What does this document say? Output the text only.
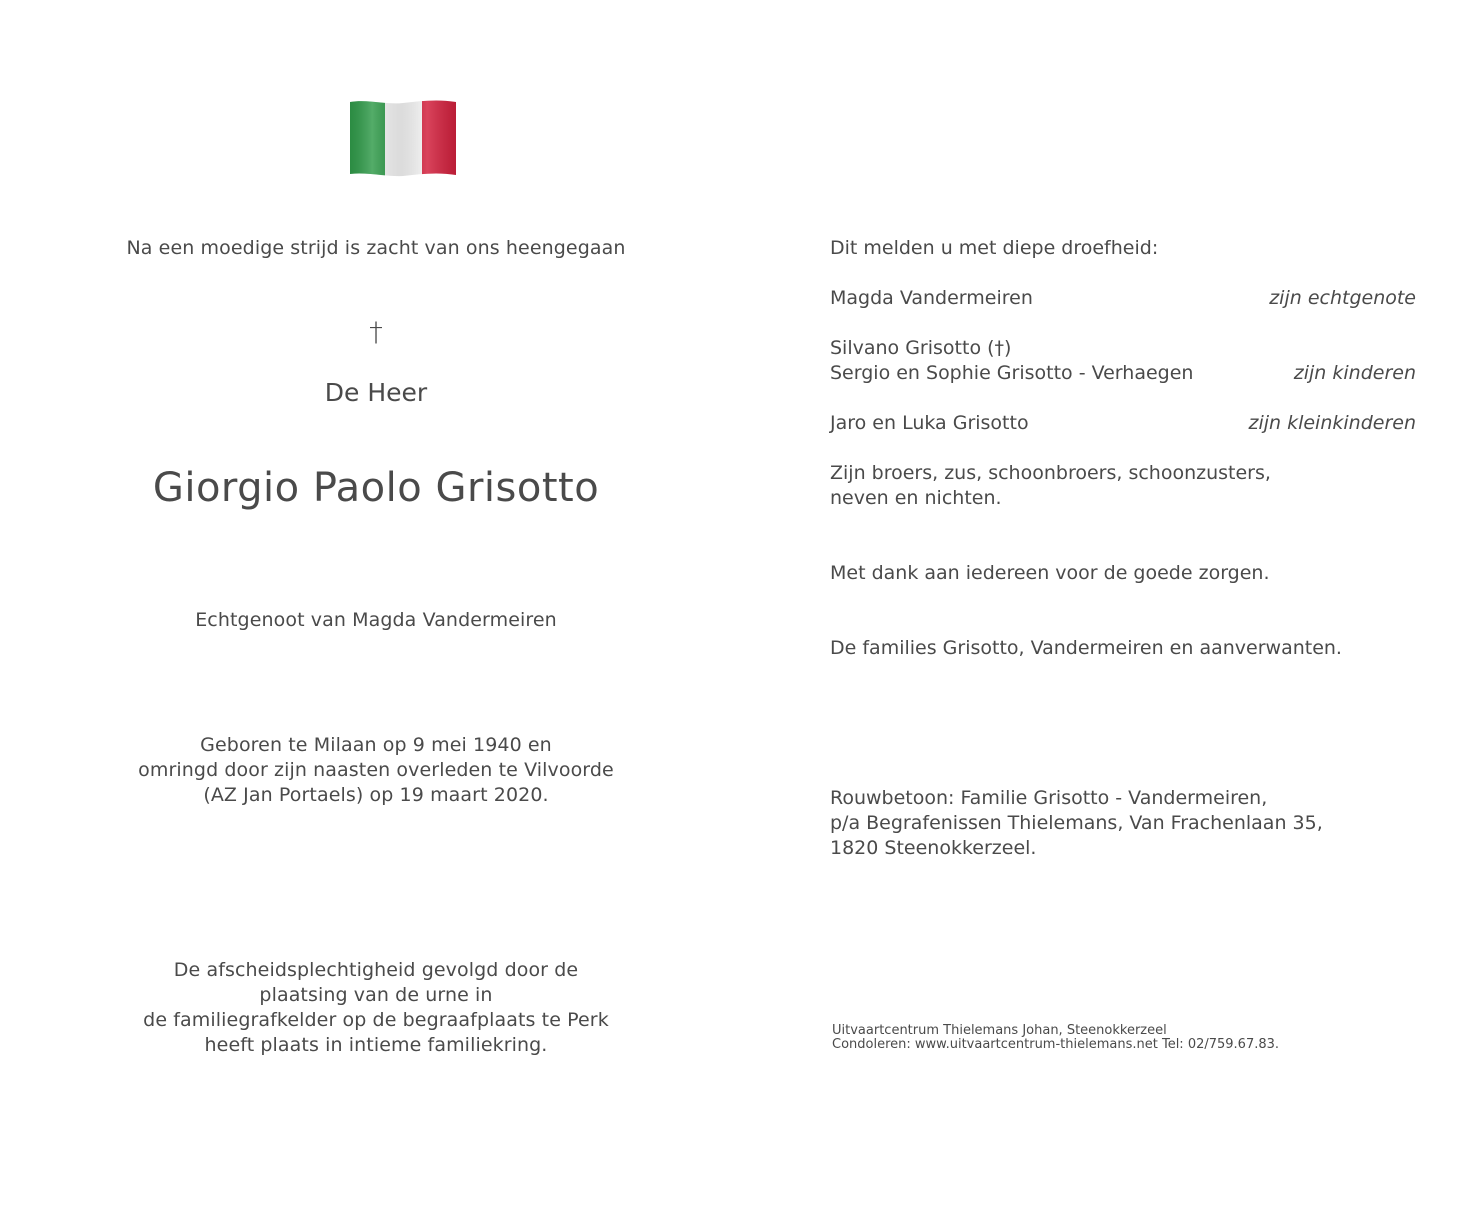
Na een moedige strijd is zacht van ons heengegaan
†
De Heer
Giorgio Paolo Grisotto
Echtgenoot van Magda Vandermeiren
Geboren te Milaan op 9 mei 1940 en
omringd door zijn naasten overleden te Vilvoorde
(AZ Jan Portaels) op 19 maart 2020.
De afscheidsplechtigheid gevolgd door de
plaatsing van de urne in
de familiegrafkelder op de begraafplaats te Perk
heeft plaats in intieme familiekring.
Dit melden u met diepe droefheid:
Magda Vandermeiren	zijn echtgenote
Silvano Grisotto (†)
Sergio en Sophie Grisotto - Verhaegen	zijn kinderen
Jaro en Luka Grisotto	zijn kleinkinderen
Zijn broers, zus, schoonbroers, schoonzusters,
neven en nichten.
Met dank aan iedereen voor de goede zorgen.
De families Grisotto, Vandermeiren en aanverwanten.
Rouwbetoon: Familie Grisotto - Vandermeiren,
p/a Begrafenissen Thielemans, Van Frachenlaan 35,
1820 Steenokkerzeel.
Uitvaartcentrum Thielemans Johan, Steenokkerzeel
Condoleren: www.uitvaartcentrum-thielemans.net Tel: 02/759.67.83.
